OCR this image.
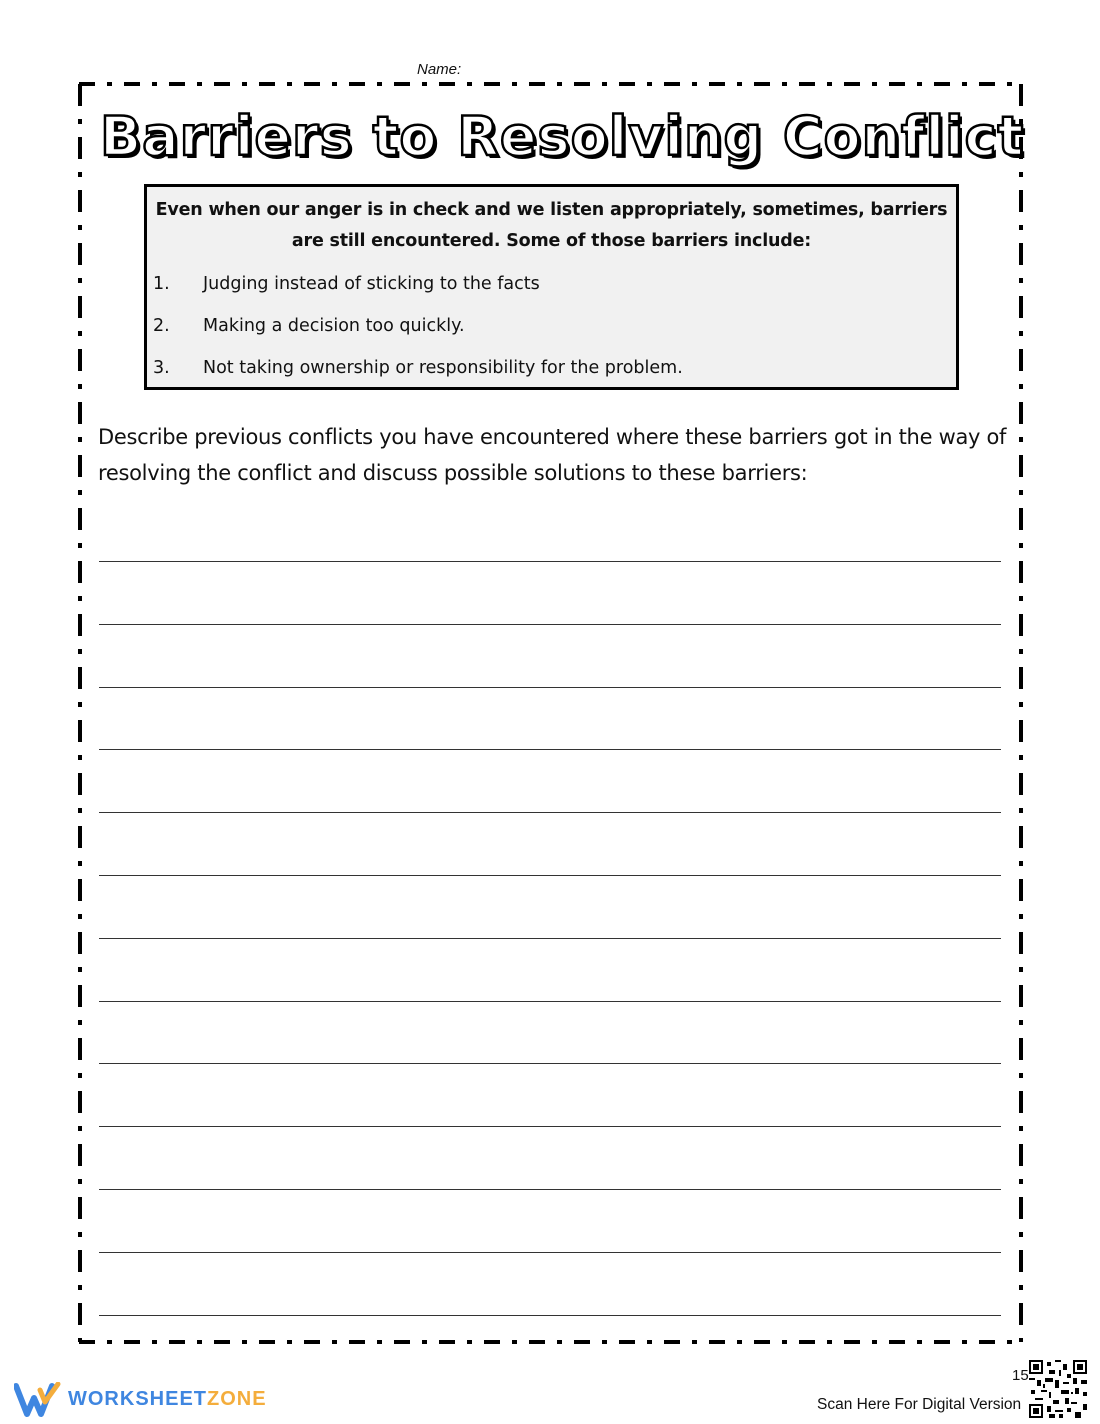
Name:
Barriers to Resolving Conflict
Even when our anger is in check and we listen appropriately, sometimes, barriers are still encountered. Some of those barriers include:
1. Judging instead of sticking to the facts
2. Making a decision too quickly.
3. Not taking ownership or responsibility for the problem.
Describe previous conflicts you have encountered where these barriers got in the way of resolving the conflict and discuss possible solutions to these barriers:
WORKSHEETZONE
15
Scan Here For Digital Version
